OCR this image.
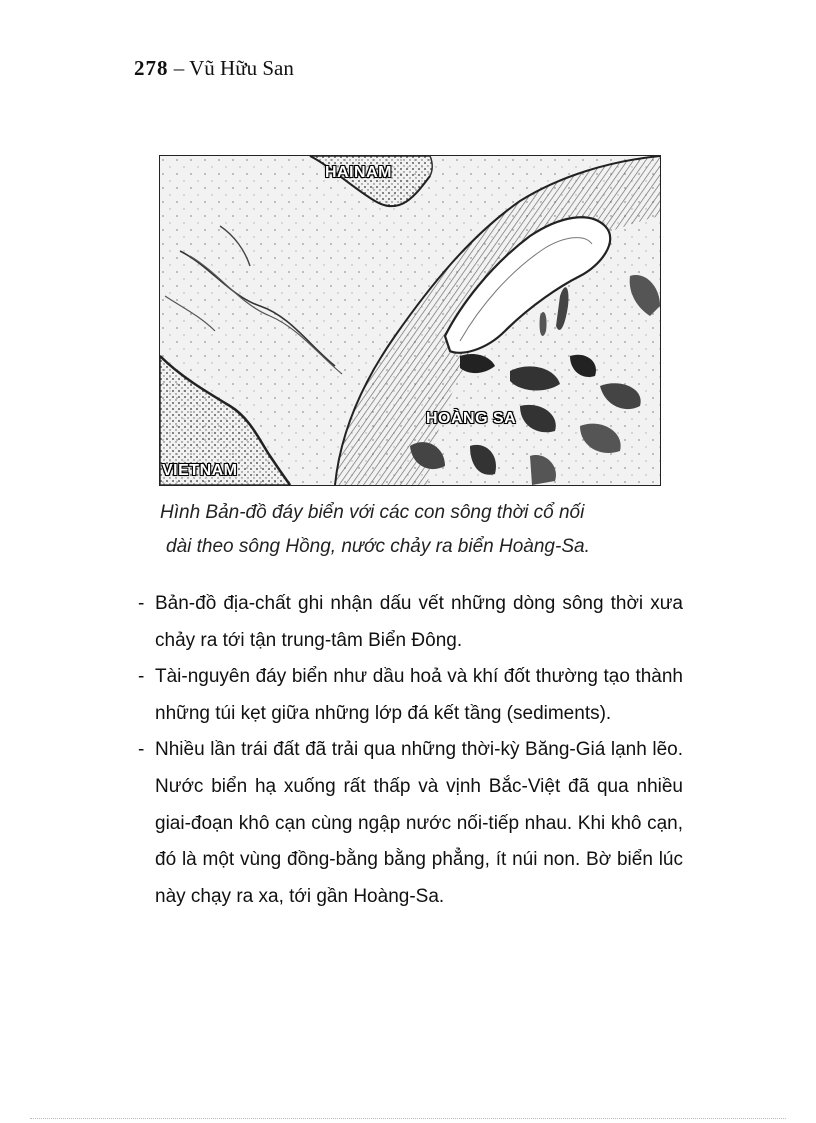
278 – Vũ Hữu San
HAINAM
HOÀNG SA
VIETNAM
Hình Bản-đồ đáy biển với các con sông thời cổ nối
dài theo sông Hồng, nước chảy ra biển Hoàng-Sa.
- Bản-đồ địa-chất ghi nhận dấu vết những dòng sông thời xưa chảy ra tới tận trung-tâm Biển Đông.
- Tài-nguyên đáy biển như dầu hoả và khí đốt thường tạo thành những túi kẹt giữa những lớp đá kết tầng (sediments).
- Nhiều lần trái đất đã trải qua những thời-kỳ Băng-Giá lạnh lẽo. Nước biển hạ xuống rất thấp và vịnh Bắc-Việt đã qua nhiều giai-đoạn khô cạn cùng ngập nước nối-tiếp nhau. Khi khô cạn, đó là một vùng đồng-bằng bằng phẳng, ít núi non. Bờ biển lúc này chạy ra xa, tới gần Hoàng-Sa.
